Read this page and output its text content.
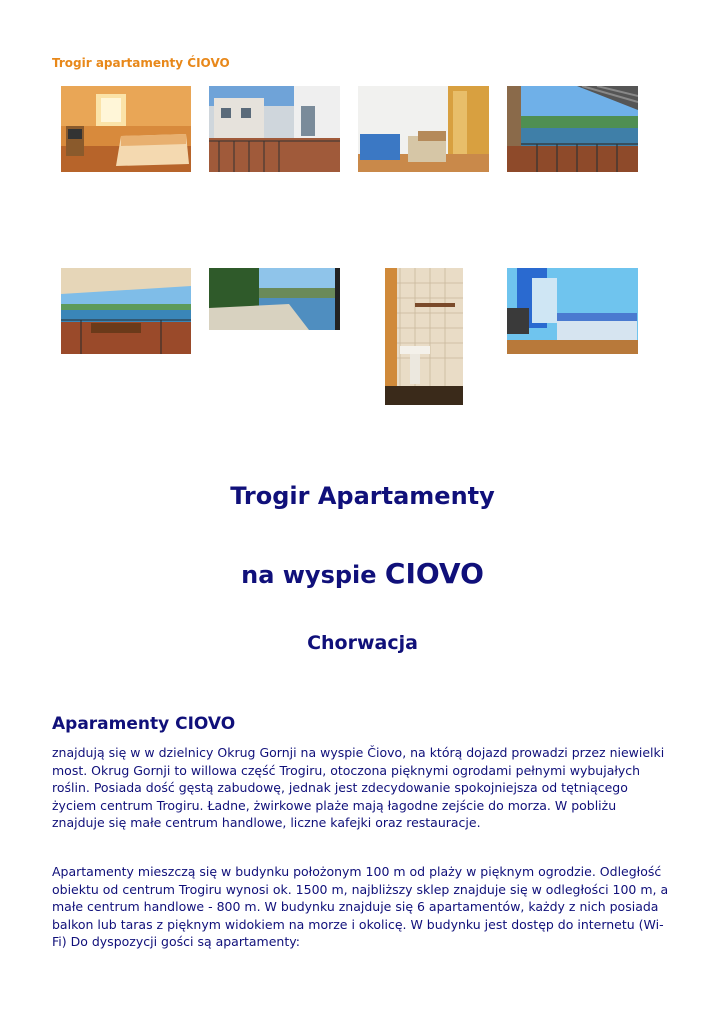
Trogir apartamenty ĆIOVO
Trogir Apartamenty
na wyspie CIOVO
Chorwacja
Aparamenty CIOVO

znajdują się w w dzielnicy Okrug Gornji na wyspie Čiovo, na którą dojazd prowadzi przez niewielki most. Okrug Gornji to willowa część Trogiru, otoczona pięknymi ogrodami pełnymi wybujałych roślin. Posiada dość gęstą zabudowę, jednak jest zdecydowanie spokojniejsza od tętniącego życiem centrum Trogiru. Ładne, żwirkowe plaże mają łagodne zejście do morza. W pobliżu znajduje się małe centrum handlowe, liczne kafejki oraz restauracje.

Apartamenty mieszczą się w budynku położonym 100 m od plaży w pięknym ogrodzie. Odległość obiektu od centrum Trogiru wynosi ok. 1500 m, najbliższy sklep znajduje się w odległości 100 m, a małe centrum handlowe - 800 m. W budynku znajduje się 6 apartamentów, każdy z nich posiada balkon lub taras z pięknym widokiem na morze i okolicę. W budynku jest dostęp do internetu (Wi-Fi) Do dyspozycji gości są apartamenty:
